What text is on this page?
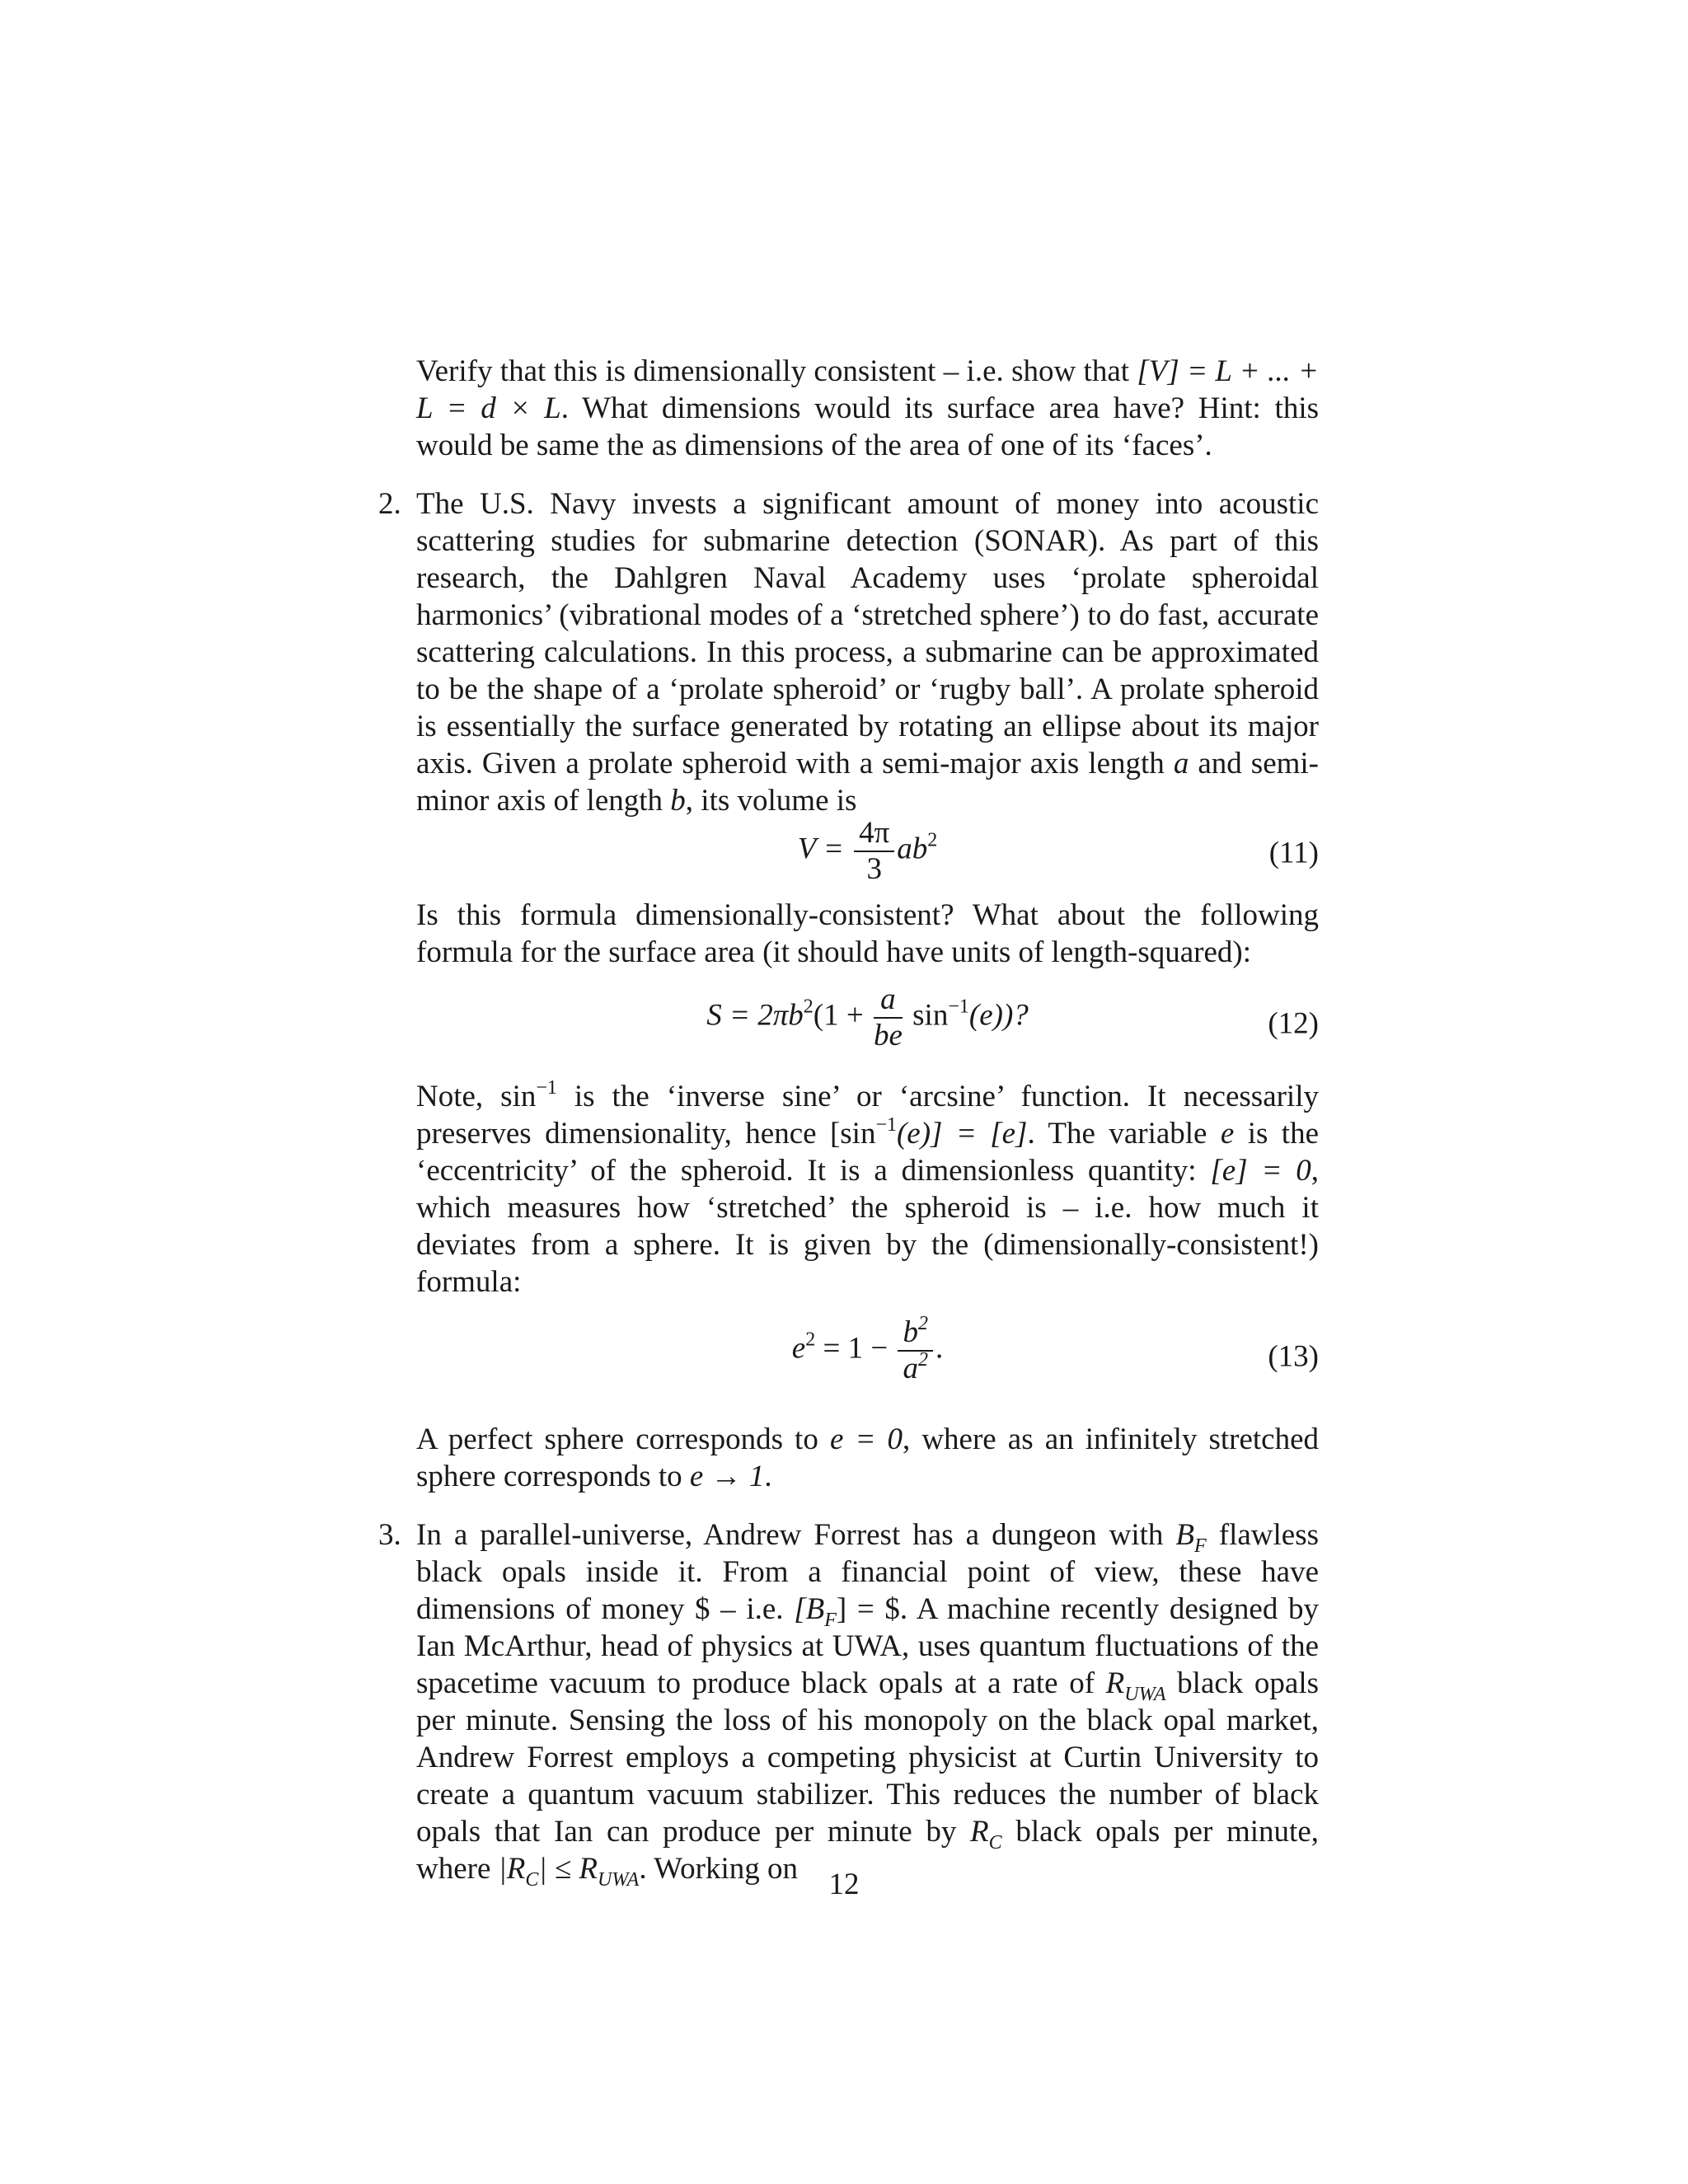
Verify that this is dimensionally consistent – i.e. show that [V] = L + ... + L = d × L. What dimensions would its surface area have? Hint: this would be same the as dimensions of the area of one of its ‘faces’.

2. The U.S. Navy invests a significant amount of money into acoustic scattering studies for submarine detection (SONAR). As part of this research, the Dahlgren Naval Academy uses ‘prolate spheroidal harmonics’ (vibrational modes of a ‘stretched sphere’) to do fast, accurate scattering calculations. In this process, a submarine can be approximated to be the shape of a ‘prolate spheroid’ or ‘rugby ball’. A prolate spheroid is essentially the surface generated by rotating an ellipse about its major axis. Given a prolate spheroid with a semi-major axis length a and semi-minor axis of length b, its volume is

$V = \frac{4\pi}{3} ab^2$	(11)

Is this formula dimensionally-consistent? What about the following formula for the surface area (it should have units of length-squared):

$S = 2\pi b^2(1 + \frac{a}{be} \sin^{-1}(e))$?	(12)

Note, $\sin^{-1}$ is the ‘inverse sine’ or ‘arcsine’ function. It necessarily preserves dimensionality, hence $[\sin^{-1}(e)] = [e]$. The variable e is the ‘eccentricity’ of the spheroid. It is a dimensionless quantity: [e] = 0, which measures how ‘stretched’ the spheroid is – i.e. how much it deviates from a sphere. It is given by the (dimensionally-consistent!) formula:

$e^2 = 1 - \frac{b^2}{a^2}$ .	(13)

A perfect sphere corresponds to e = 0, where as an infinitely stretched sphere corresponds to e → 1.

3. In a parallel-universe, Andrew Forrest has a dungeon with $B_F$ flawless black opals inside it. From a financial point of view, these have dimensions of money $ – i.e. $[B_F]$ = $. A machine recently designed by Ian McArthur, head of physics at UWA, uses quantum fluctuations of the spacetime vacuum to produce black opals at a rate of $R_{UWA}$ black opals per minute. Sensing the loss of his monopoly on the black opal market, Andrew Forrest employs a competing physicist at Curtin University to create a quantum vacuum stabilizer. This reduces the number of black opals that Ian can produce per minute by $R_C$ black opals per minute, where $|R_C| \le R_{UWA}$. Working on	12
